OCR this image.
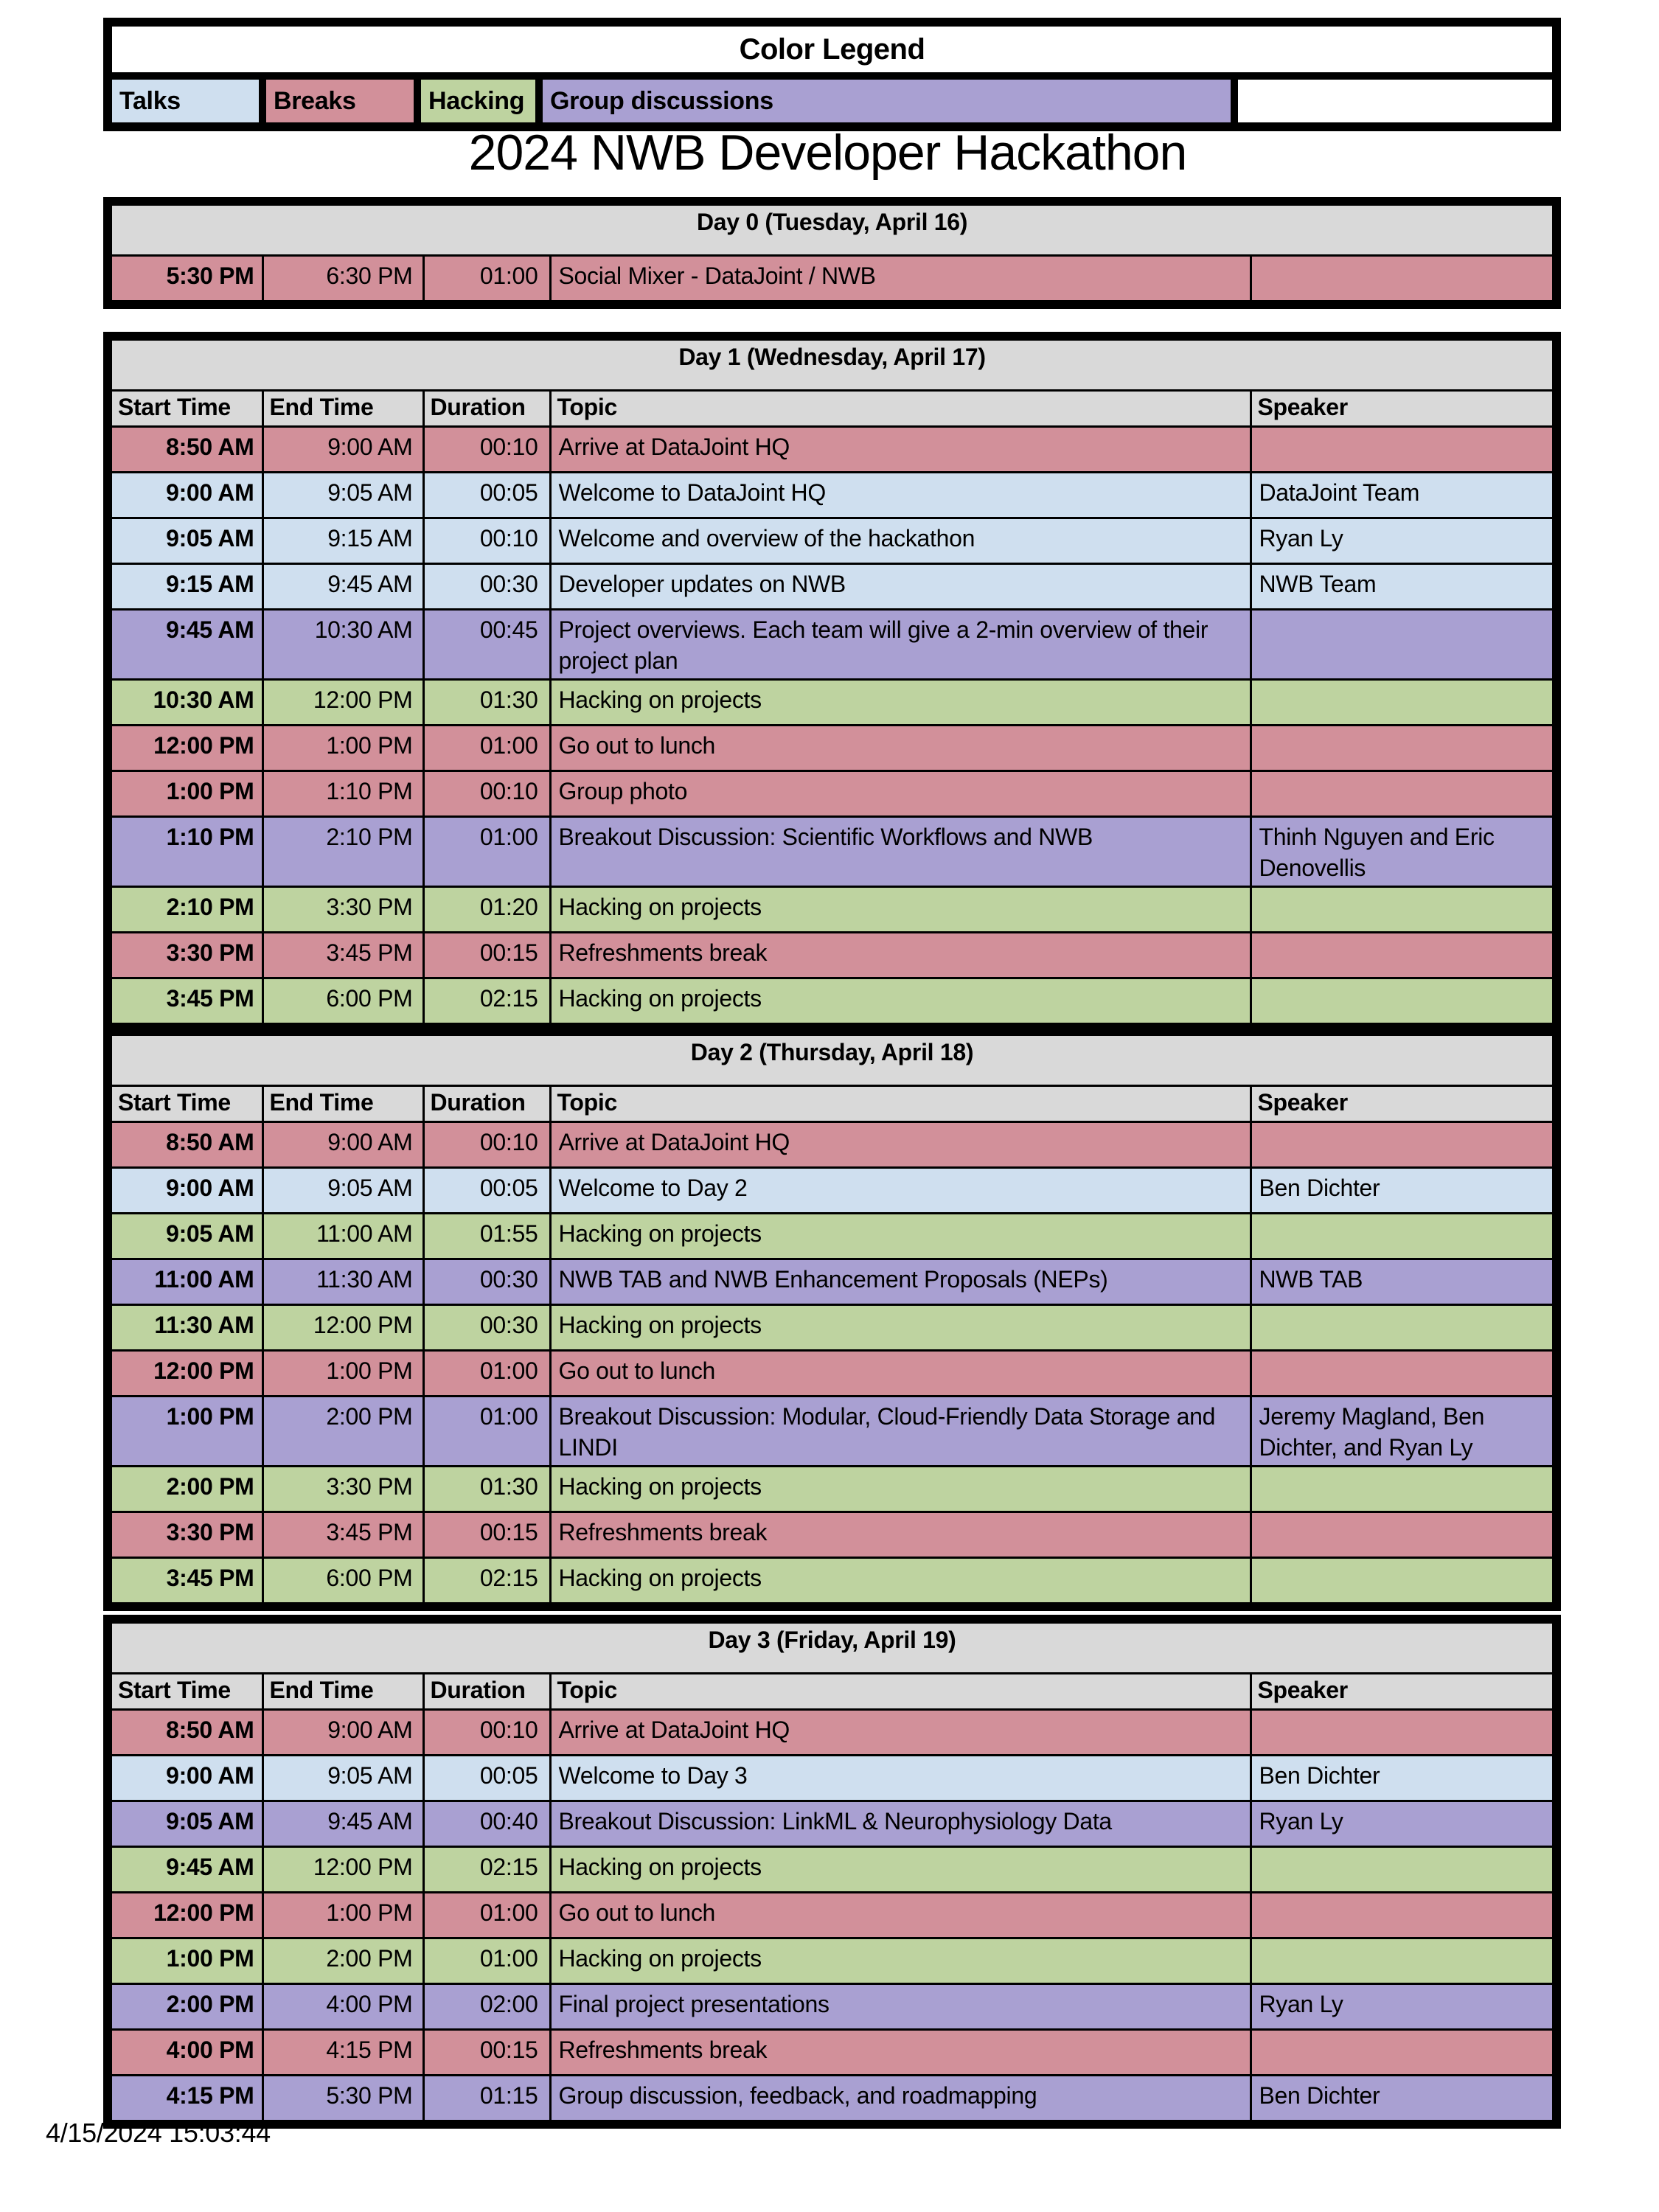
Color Legend
Talks	Breaks	Hacking	Group discussions	
2024 NWB Developer Hackathon
Day 0 (Tuesday, April 16)
5:30 PM	6:30 PM	01:00	Social Mixer - DataJoint / NWB	
Day 1 (Wednesday, April 17)				
Start Time	End Time	Duration	Topic	Speaker
8:50 AM	9:00 AM	00:10	Arrive at DataJoint HQ	
9:00 AM	9:05 AM	00:05	Welcome to DataJoint HQ	DataJoint Team
9:05 AM	9:15 AM	00:10	Welcome and overview of the hackathon	Ryan Ly
9:15 AM	9:45 AM	00:30	Developer updates on NWB	NWB Team
9:45 AM	10:30 AM	00:45	Project overviews. Each team will give a 2-min overview of their project plan	
10:30 AM	12:00 PM	01:30	Hacking on projects	
12:00 PM	1:00 PM	01:00	Go out to lunch	
1:00 PM	1:10 PM	00:10	Group photo	
1:10 PM	2:10 PM	01:00	Breakout Discussion: Scientific Workflows and NWB	Thinh Nguyen and Eric Denovellis
2:10 PM	3:30 PM	01:20	Hacking on projects	
3:30 PM	3:45 PM	00:15	Refreshments break	
3:45 PM	6:00 PM	02:15	Hacking on projects	
Day 2 (Thursday, April 18)				
Start Time	End Time	Duration	Topic	Speaker
8:50 AM	9:00 AM	00:10	Arrive at DataJoint HQ	
9:00 AM	9:05 AM	00:05	Welcome to Day 2	Ben Dichter
9:05 AM	11:00 AM	01:55	Hacking on projects	
11:00 AM	11:30 AM	00:30	NWB TAB and NWB Enhancement Proposals (NEPs)	NWB TAB
11:30 AM	12:00 PM	00:30	Hacking on projects	
12:00 PM	1:00 PM	01:00	Go out to lunch	
1:00 PM	2:00 PM	01:00	Breakout Discussion: Modular, Cloud-Friendly Data Storage and LINDI	Jeremy Magland, Ben Dichter, and Ryan Ly
2:00 PM	3:30 PM	01:30	Hacking on projects	
3:30 PM	3:45 PM	00:15	Refreshments break	
3:45 PM	6:00 PM	02:15	Hacking on projects	
Day 3 (Friday, April 19)				
Start Time	End Time	Duration	Topic	Speaker
8:50 AM	9:00 AM	00:10	Arrive at DataJoint HQ	
9:00 AM	9:05 AM	00:05	Welcome to Day 3	Ben Dichter
9:05 AM	9:45 AM	00:40	Breakout Discussion: LinkML & Neurophysiology Data	Ryan Ly
9:45 AM	12:00 PM	02:15	Hacking on projects	
12:00 PM	1:00 PM	01:00	Go out to lunch	
1:00 PM	2:00 PM	01:00	Hacking on projects	
2:00 PM	4:00 PM	02:00	Final project presentations	Ryan Ly
4:00 PM	4:15 PM	00:15	Refreshments break	
4:15 PM	5:30 PM	01:15	Group discussion, feedback, and roadmapping	Ben Dichter
4/15/2024 15:03:44
